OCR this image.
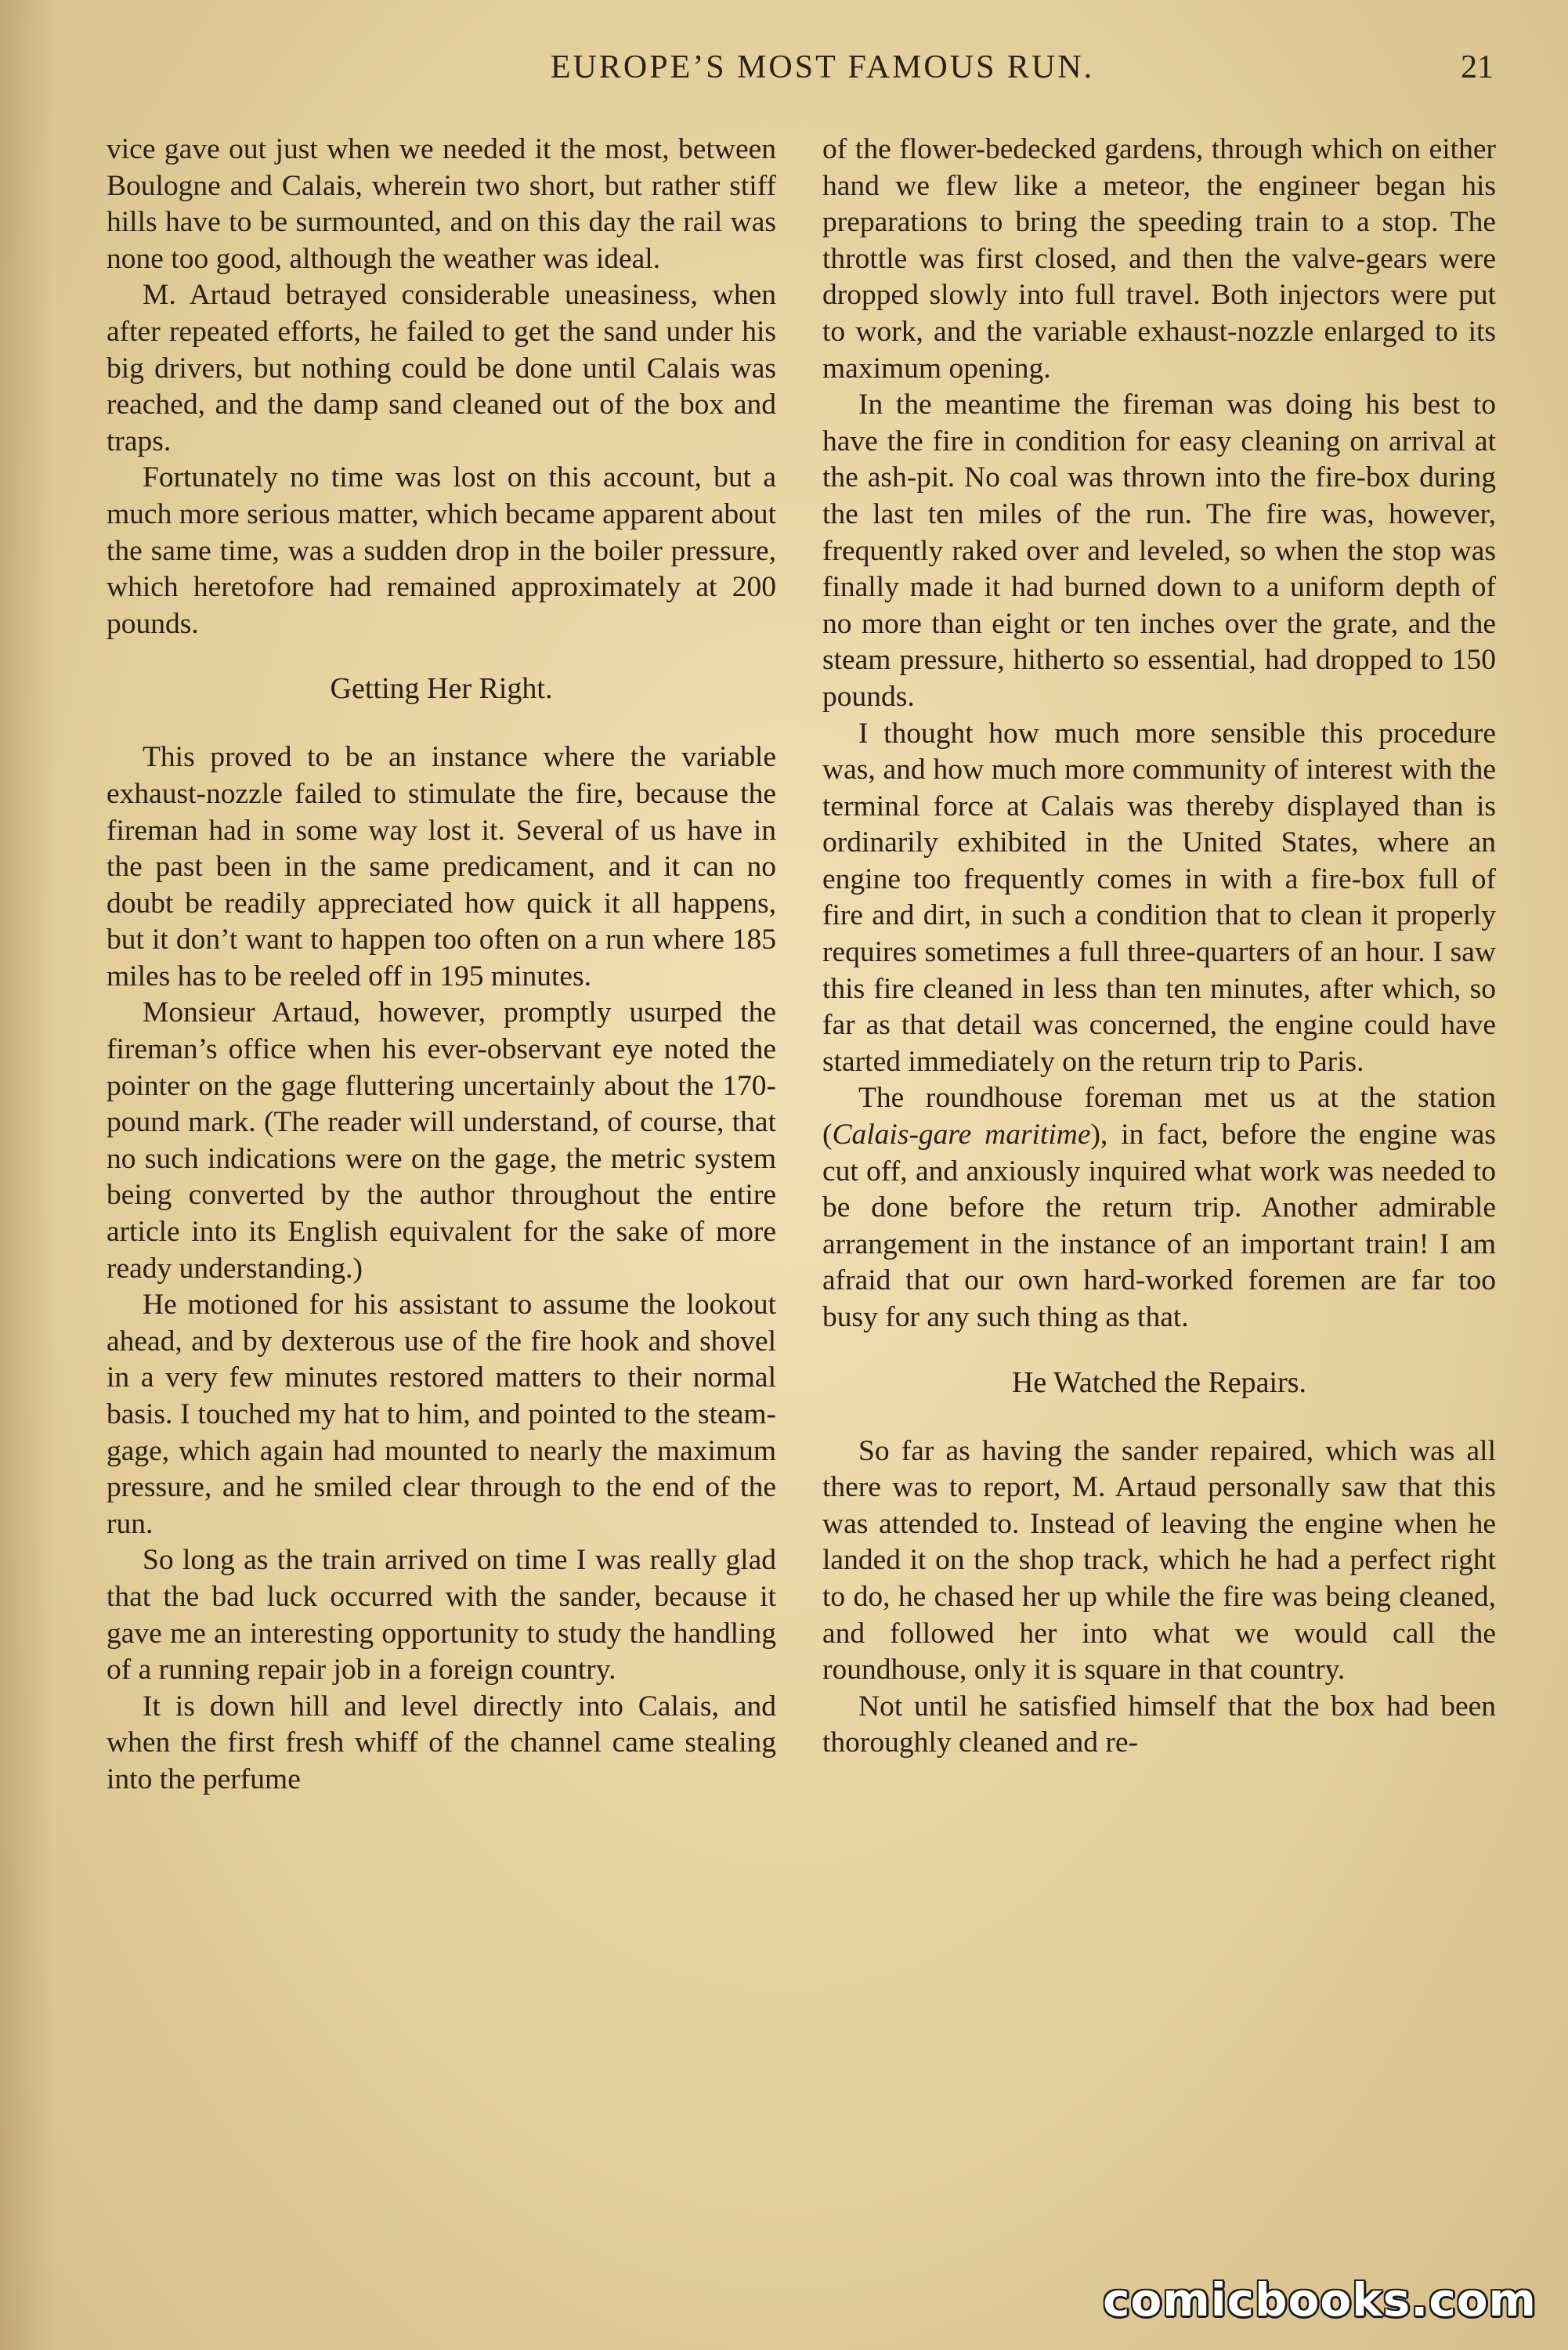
EUROPE’S MOST FAMOUS RUN.	21

vice gave out just when we needed it the most, between Boulogne and Calais, wherein two short, but rather stiff hills have to be surmounted, and on this day the rail was none too good, although the weather was ideal.

M. Artaud betrayed considerable uneasiness, when after repeated efforts, he failed to get the sand under his big drivers, but nothing could be done until Calais was reached, and the damp sand cleaned out of the box and traps.

Fortunately no time was lost on this account, but a much more serious matter, which became apparent about the same time, was a sudden drop in the boiler pressure, which heretofore had remained approximately at 200 pounds.

Getting Her Right.

This proved to be an instance where the variable exhaust-nozzle failed to stimulate the fire, because the fireman had in some way lost it. Several of us have in the past been in the same predicament, and it can no doubt be readily appreciated how quick it all happens, but it don’t want to happen too often on a run where 185 miles has to be reeled off in 195 minutes.

Monsieur Artaud, however, promptly usurped the fireman’s office when his ever-observant eye noted the pointer on the gage fluttering uncertainly about the 170-pound mark. (The reader will understand, of course, that no such indications were on the gage, the metric system being converted by the author throughout the entire article into its English equivalent for the sake of more ready understanding.)

He motioned for his assistant to assume the lookout ahead, and by dexterous use of the fire hook and shovel in a very few minutes restored matters to their normal basis. I touched my hat to him, and pointed to the steam-gage, which again had mounted to nearly the maximum pressure, and he smiled clear through to the end of the run.

So long as the train arrived on time I was really glad that the bad luck occurred with the sander, because it gave me an interesting opportunity to study the handling of a running repair job in a foreign country.

It is down hill and level directly into Calais, and when the first fresh whiff of the channel came stealing into the perfume

of the flower-bedecked gardens, through which on either hand we flew like a meteor, the engineer began his preparations to bring the speeding train to a stop. The throttle was first closed, and then the valve-gears were dropped slowly into full travel. Both injectors were put to work, and the variable exhaust-nozzle enlarged to its maximum opening.

In the meantime the fireman was doing his best to have the fire in condition for easy cleaning on arrival at the ash-pit. No coal was thrown into the fire-box during the last ten miles of the run. The fire was, however, frequently raked over and leveled, so when the stop was finally made it had burned down to a uniform depth of no more than eight or ten inches over the grate, and the steam pressure, hitherto so essential, had dropped to 150 pounds.

I thought how much more sensible this procedure was, and how much more community of interest with the terminal force at Calais was thereby displayed than is ordinarily exhibited in the United States, where an engine too frequently comes in with a fire-box full of fire and dirt, in such a condition that to clean it properly requires sometimes a full three-quarters of an hour. I saw this fire cleaned in less than ten minutes, after which, so far as that detail was concerned, the engine could have started immediately on the return trip to Paris.

The roundhouse foreman met us at the station (Calais-gare maritime), in fact, before the engine was cut off, and anxiously inquired what work was needed to be done before the return trip. Another admirable arrangement in the instance of an important train! I am afraid that our own hard-worked foremen are far too busy for any such thing as that.

He Watched the Repairs.

So far as having the sander repaired, which was all there was to report, M. Artaud personally saw that this was attended to. Instead of leaving the engine when he landed it on the shop track, which he had a perfect right to do, he chased her up while the fire was being cleaned, and followed her into what we would call the roundhouse, only it is square in that country.

Not until he satisfied himself that the box had been thoroughly cleaned and re-

comicbooks.com
